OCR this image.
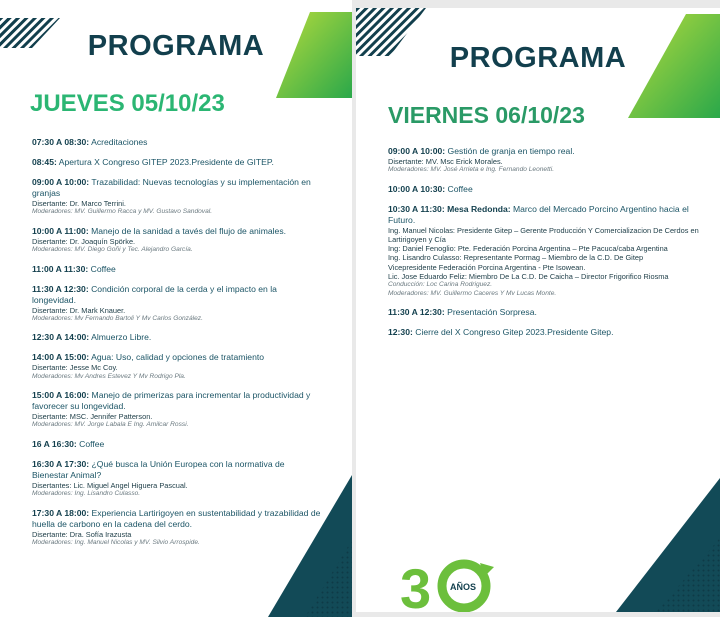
PROGRAMA
JUEVES 05/10/23
07:30 A 08:30: Acreditaciones
08:45: Apertura X Congreso GITEP 2023.Presidente de GITEP.
09:00 A 10:00: Trazabilidad: Nuevas tecnologías y su implementación en granjas
Disertante: Dr. Marco Terrini.
Moderadores: MV. Guillermo Racca y MV. Gustavo Sandoval.
10:00 A 11:00: Manejo de la sanidad a tavés del flujo de animales.
Disertante: Dr. Joaquín Spörke.
Moderadores: MV. Diego Goñi y Tec. Alejandro García.
11:00 A 11:30: Coffee
11:30 A 12:30: Condición corporal de la cerda y el impacto en la longevidad.
Disertante: Dr. Mark Knauer.
Moderadores: Mv Fernando Bartoli Y Mv Carlos González.
12:30 A 14:00: Almuerzo Libre.
14:00 A 15:00: Agua: Uso, calidad y opciones de tratamiento
Disertante: Jesse Mc Coy.
Moderadores: Mv Andres Estevez Y Mv Rodrigo Pla.
15:00 A 16:00: Manejo de primerizas para incrementar la productividad y favorecer su longevidad.
Disertante: MSC. Jennifer Patterson.
Moderadores: MV. Jorge Labala E Ing. Amilcar Rossi.
16 A 16:30: Coffee
16:30 A 17:30: ¿Qué busca la Unión Europea con la normativa de Bienestar Animal?
Disertantes: Lic. Miguel Angel Higuera Pascual.
Moderadores: Ing. Lisandro Culasso.
17:30 A 18:00: Experiencia Lartirigoyen en sustentabilidad y trazabilidad de huella de carbono en la cadena del cerdo.
Disertante: Dra. Sofía Irazusta
Moderadores: Ing. Manuel Nicolas y MV. Silvio Arrospide.
PROGRAMA
VIERNES 06/10/23
09:00 A 10:00: Gestión de granja en tiempo real.
Disertante: MV. Msc Erick Morales.
Moderadores: MV. José Arrieta e Ing. Fernando Leonetti.
10:00 A 10:30: Coffee
10:30 A 11:30: Mesa Redonda: Marco del Mercado Porcino Argentino hacia el Futuro.
Ing. Manuel Nicolas: Presidente Gitep – Gerente Producción Y Comercializacion De Cerdos en Lartirigoyen y Cía
Ing: Daniel Fenoglio: Pte. Federación Porcina Argentina – Pte Pacuca/caba Argentina
Ing. Lisandro Culasso: Representante Pormag – Miembro de la C.D. De Gitep
Vicepresidente Federación Porcina Argentina - Pte Isowean.
Lic. Jose Eduardo Feliz: Miembro De La C.D. De Caicha – Director Frigorifico Riosma
Conducción: Loc Carina Rodriguez.
Moderadores: MV. Guillermo Caceres Y Mv Lucas Monte.
11:30 A 12:30: Presentación Sorpresa.
12:30: Cierre del X Congreso Gitep 2023.Presidente Gitep.
3 AÑOS
